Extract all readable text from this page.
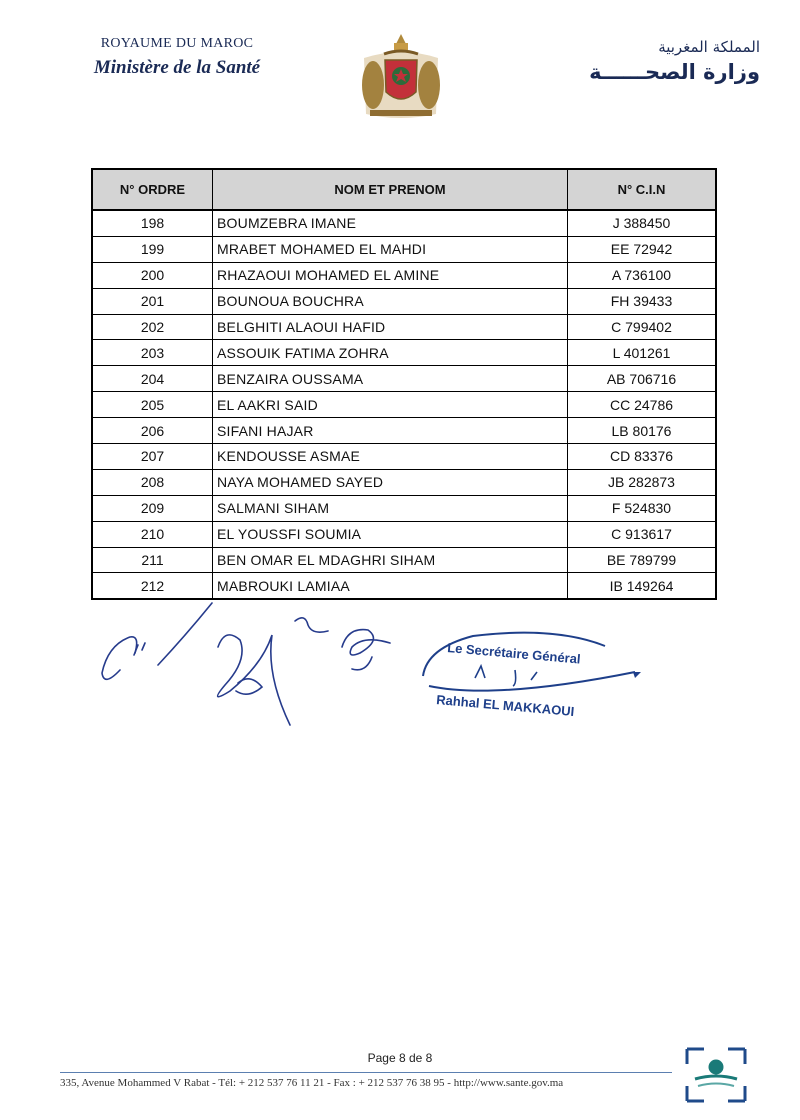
ROYAUME DU MAROC
Ministère de la Santé
المملكة المغربية
وزارة الصحــــــة
N° ORDRE	NOM ET PRENOM	N° C.I.N
198	BOUMZEBRA IMANE	J 388450
199	MRABET MOHAMED EL MAHDI	EE 72942
200	RHAZAOUI MOHAMED EL AMINE	A 736100
201	BOUNOUA BOUCHRA	FH 39433
202	BELGHITI ALAOUI HAFID	C 799402
203	ASSOUIK FATIMA ZOHRA	L 401261
204	BENZAIRA OUSSAMA	AB 706716
205	EL AAKRI SAID	CC 24786
206	SIFANI HAJAR	LB 80176
207	KENDOUSSE ASMAE	CD 83376
208	NAYA MOHAMED SAYED	JB 282873
209	SALMANI SIHAM	F 524830
210	EL YOUSSFI SOUMIA	C 913617
211	BEN OMAR EL MDAGHRI SIHAM	BE 789799
212	MABROUKI LAMIAA	IB 149264
Le Secrétaire Général
Rahhal EL MAKKAOUI
Page 8 de 8
335, Avenue Mohammed V Rabat - Tél: + 212 537 76 11 21 - Fax : + 212 537 76 38 95 - http://www.sante.gov.ma
